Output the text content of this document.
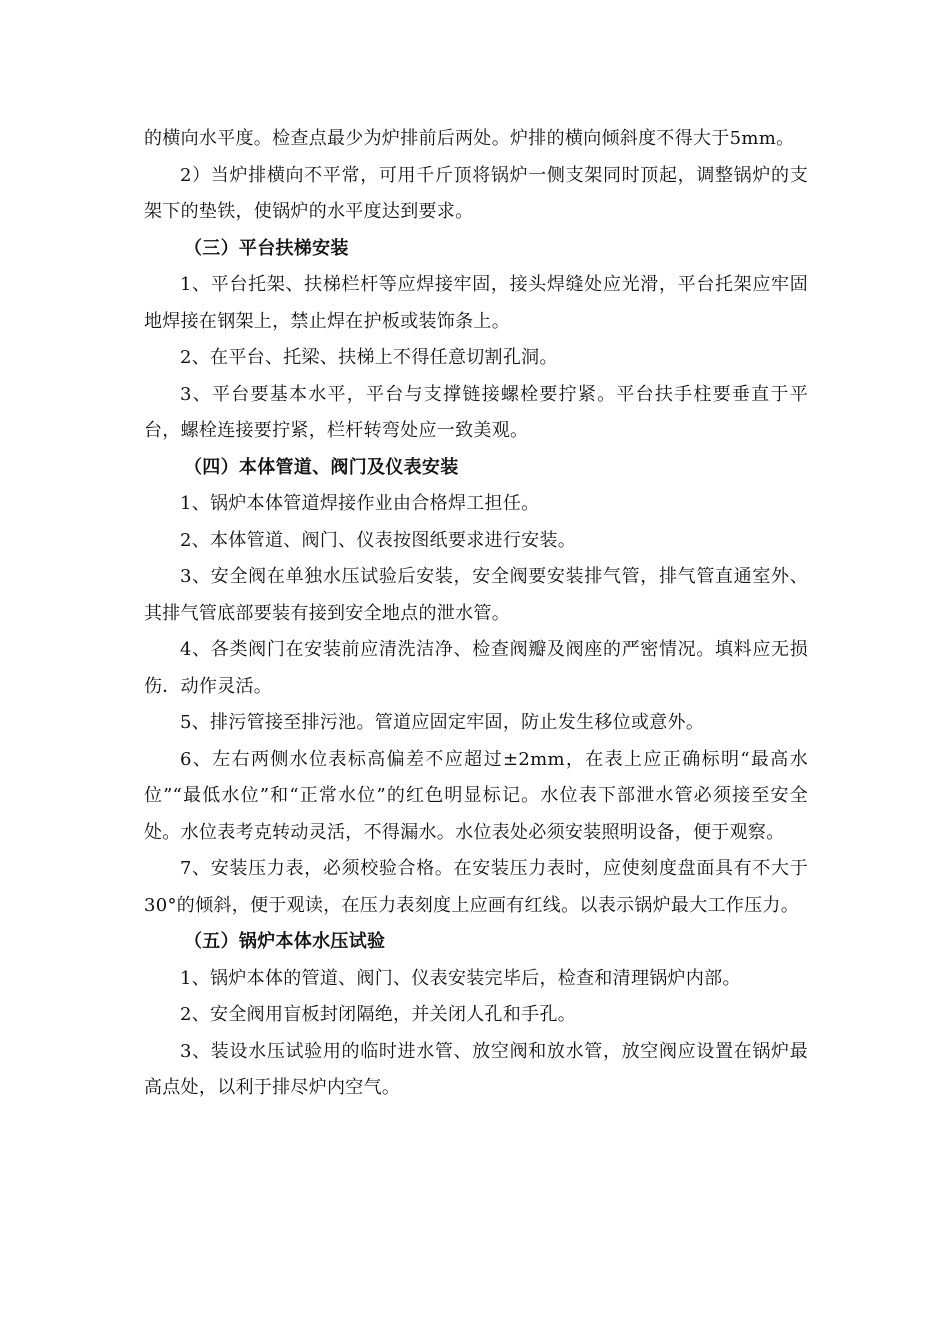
的横向水平度。检查点最少为炉排前后两处。炉排的横向倾斜度不得大于5mm。

2）当炉排横向不平常，可用千斤顶将锅炉一侧支架同时顶起，调整锅炉的支架下的垫铁，使锅炉的水平度达到要求。

（三）平台扶梯安装

1、平台托架、扶梯栏杆等应焊接牢固，接头焊缝处应光滑，平台托架应牢固地焊接在钢架上，禁止焊在护板或装饰条上。

2、在平台、托梁、扶梯上不得任意切割孔洞。

3、平台要基本水平，平台与支撑链接螺栓要拧紧。平台扶手柱要垂直于平台，螺栓连接要拧紧，栏杆转弯处应一致美观。

（四）本体管道、阀门及仪表安装

1、锅炉本体管道焊接作业由合格焊工担任。

2、本体管道、阀门、仪表按图纸要求进行安装。

3、安全阀在单独水压试验后安装，安全阀要安装排气管，排气管直通室外、其排气管底部要装有接到安全地点的泄水管。

4、各类阀门在安装前应清洗洁净、检查阀瓣及阀座的严密情况。填料应无损伤．动作灵活。

5、排污管接至排污池。管道应固定牢固，防止发生移位或意外。

6、左右两侧水位表标高偏差不应超过±2mm，在表上应正确标明“最高水位”“最低水位”和“正常水位”的红色明显标记。水位表下部泄水管必须接至安全处。水位表考克转动灵活，不得漏水。水位表处必须安装照明设备，便于观察。

7、安装压力表，必须校验合格。在安装压力表时，应使刻度盘面具有不大于30°的倾斜，便于观读，在压力表刻度上应画有红线。以表示锅炉最大工作压力。

（五）锅炉本体水压试验

1、锅炉本体的管道、阀门、仪表安装完毕后，检查和清理锅炉内部。

2、安全阀用盲板封闭隔绝，并关闭人孔和手孔。

3、装设水压试验用的临时进水管、放空阀和放水管，放空阀应设置在锅炉最高点处，以利于排尽炉内空气。
